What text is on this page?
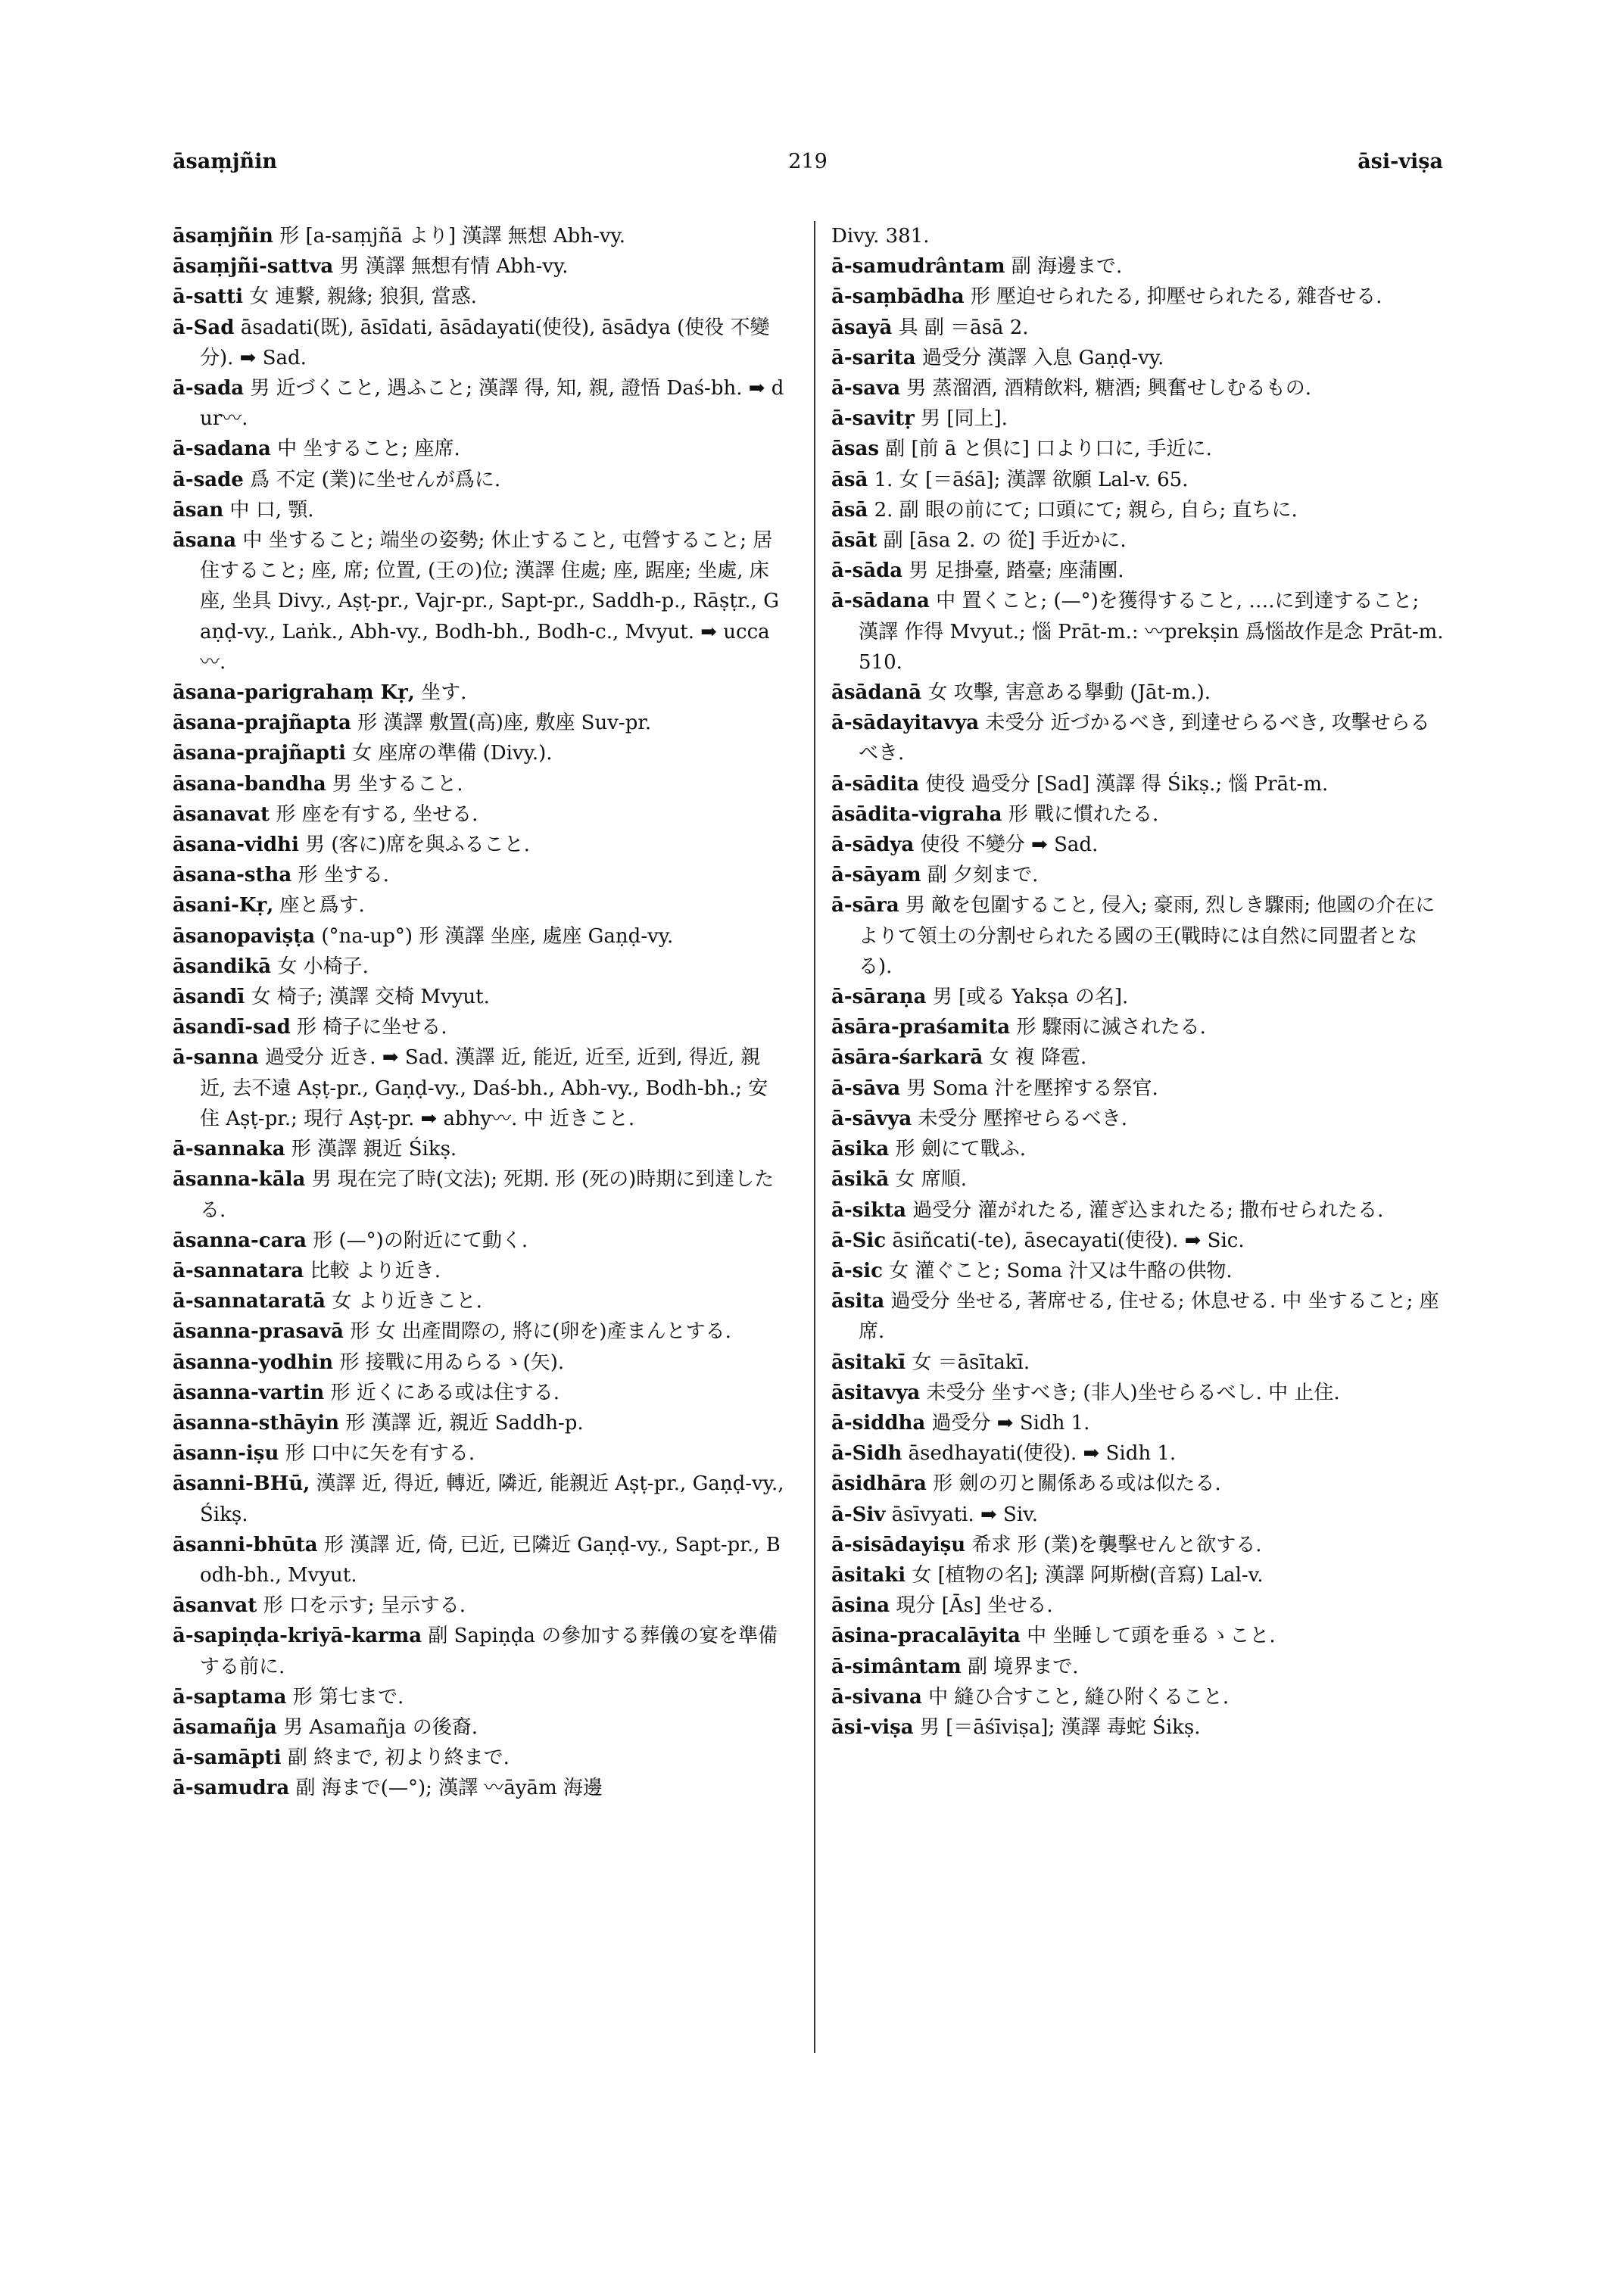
āsaṃjñin	219	āsi-viṣa

āsaṃjñin 形 [a-saṃjñā より] 漢譯 無想 Abh-vy.

āsaṃjñi-sattva 男 漢譯 無想有情 Abh-vy.

ā-satti 女 連繋, 親緣; 狼狽, 當惑.

ā-Sad āsadati(既), āsīdati, āsādayati(使役), āsādya (使役 不變分). ➡ Sad.

ā-sada 男 近づくこと, 遇ふこと; 漢譯 得, 知, 親, 證悟 Daś-bh. ➡ dur〰.

ā-sadana 中 坐すること; 座席.

ā-sade 爲 不定 (業)に坐せんが爲に.

āsan 中 口, 顎.

āsana 中 坐すること; 端坐の姿勢; 休止すること, 屯營すること; 居住すること; 座, 席; 位置, (王の)位; 漢譯 住處; 座, 踞座; 坐處, 床座, 坐具 Divy., Aṣṭ-pr., Vajr-pr., Sapt-pr., Saddh-p., Rāṣṭr., Gaṇḍ-vy., Laṅk., Abh-vy., Bodh-bh., Bodh-c., Mvyut. ➡ ucca〰.

āsana-parigrahaṃ Kṛ, 坐す.

āsana-prajñapta 形 漢譯 敷置(高)座, 敷座 Suv-pr.

āsana-prajñapti 女 座席の準備 (Divy.).

āsana-bandha 男 坐すること.

āsanavat 形 座を有する, 坐せる.

āsana-vidhi 男 (客に)席を與ふること.

āsana-stha 形 坐する.

āsani-Kṛ, 座と爲す.

āsanopaviṣṭa (°na-up°) 形 漢譯 坐座, 處座 Gaṇḍ-vy.

āsandikā 女 小椅子.

āsandī 女 椅子; 漢譯 交椅 Mvyut.

āsandī-sad 形 椅子に坐せる.

ā-sanna 過受分 近き. ➡ Sad. 漢譯 近, 能近, 近至, 近到, 得近, 親近, 去不遠 Aṣṭ-pr., Gaṇḍ-vy., Daś-bh., Abh-vy., Bodh-bh.; 安住 Aṣṭ-pr.; 現行 Aṣṭ-pr. ➡ abhy〰. 中 近きこと.

ā-sannaka 形 漢譯 親近 Śikṣ.

āsanna-kāla 男 現在完了時(文法); 死期. 形 (死の)時期に到達したる.

āsanna-cara 形 (—°)の附近にて動く.

ā-sannatara 比較 より近き.

ā-sannataratā 女 より近きこと.

āsanna-prasavā 形 女 出產間際の, 將に(卵を)產まんとする.

āsanna-yodhin 形 接戰に用ゐらるゝ(矢).

āsanna-vartin 形 近くにある或は住する.

āsanna-sthāyin 形 漢譯 近, 親近 Saddh-p.

āsann-iṣu 形 口中に矢を有する.

āsanni-BHū, 漢譯 近, 得近, 轉近, 隣近, 能親近 Aṣṭ-pr., Gaṇḍ-vy., Śikṣ.

āsanni-bhūta 形 漢譯 近, 倚, 已近, 已隣近 Gaṇḍ-vy., Sapt-pr., Bodh-bh., Mvyut.

āsanvat 形 口を示す; 呈示する.

ā-sapiṇḍa-kriyā-karma 副 Sapiṇḍa の參加する葬儀の宴を準備する前に.

ā-saptama 形 第七まで.

āsamañja 男 Asamañja の後裔.

ā-samāpti 副 終まで, 初より終まで.

ā-samudra 副 海まで(—°); 漢譯 〰āyām 海邊

Divy. 381.

ā-samudrântam 副 海邊まで.

ā-saṃbādha 形 壓迫せられたる, 抑壓せられたる, 雜沓せる.

āsayā 具 副 ＝āsā 2.

ā-sarita 過受分 漢譯 入息 Gaṇḍ-vy.

ā-sava 男 蒸溜酒, 酒精飲料, 糖酒; 興奮せしむるもの.

ā-savitṛ 男 [同上].

āsas 副 [前 ā と倶に] 口より口に, 手近に.

āsā 1. 女 [＝āśā]; 漢譯 欲願 Lal-v. 65.

āsā 2. 副 眼の前にて; 口頭にて; 親ら, 自ら; 直ちに.

āsāt 副 [āsa 2. の 從] 手近かに.

ā-sāda 男 足掛臺, 踏臺; 座蒲團.

ā-sādana 中 置くこと; (—°)を獲得すること, ….に到達すること; 漢譯 作得 Mvyut.; 惱 Prāt-m.: 〰prekṣin 爲惱故作是念 Prāt-m. 510.

āsādanā 女 攻擊, 害意ある擧動 (Jāt-m.).

ā-sādayitavya 未受分 近づかるべき, 到達せらるべき, 攻擊せらるべき.

ā-sādita 使役 過受分 [Sad] 漢譯 得 Śikṣ.; 惱 Prāt-m.

āsādita-vigraha 形 戰に慣れたる.

ā-sādya 使役 不變分 ➡ Sad.

ā-sāyam 副 夕刻まで.

ā-sāra 男 敵を包圍すること, 侵入; 豪雨, 烈しき驟雨; 他國の介在によりて領土の分割せられたる國の王(戰時には自然に同盟者となる).

ā-sāraṇa 男 [或る Yakṣa の名].

āsāra-praśamita 形 驟雨に滅されたる.

āsāra-śarkarā 女 複 降雹.

ā-sāva 男 Soma 汁を壓搾する祭官.

ā-sāvya 未受分 壓搾せらるべき.

āsika 形 劍にて戰ふ.

āsikā 女 席順.

ā-sikta 過受分 灌がれたる, 灌ぎ込まれたる; 撒布せられたる.

ā-Sic āsiñcati(-te), āsecayati(使役). ➡ Sic.

ā-sic 女 灌ぐこと; Soma 汁又は牛酪の供物.

āsita 過受分 坐せる, 著席せる, 住せる; 休息せる. 中 坐すること; 座席.

āsitakī 女 ＝āsītakī.

āsitavya 未受分 坐すべき; (非人)坐せらるべし. 中 止住.

ā-siddha 過受分 ➡ Sidh 1.

ā-Sidh āsedhayati(使役). ➡ Sidh 1.

āsidhāra 形 劍の刃と關係ある或は似たる.

ā-Siv āsīvyati. ➡ Siv.

ā-sisādayiṣu 希求 形 (業)を襲擊せんと欲する.

āsitaki 女 [植物の名]; 漢譯 阿斯樹(音寫) Lal-v.

āsina 現分 [Ās] 坐せる.

āsina-pracalāyita 中 坐睡して頭を垂るゝこと.

ā-simântam 副 境界まで.

ā-sivana 中 縫ひ合すこと, 縫ひ附くること.

āsi-viṣa 男 [＝āśīviṣa]; 漢譯 毒蛇 Śikṣ.
